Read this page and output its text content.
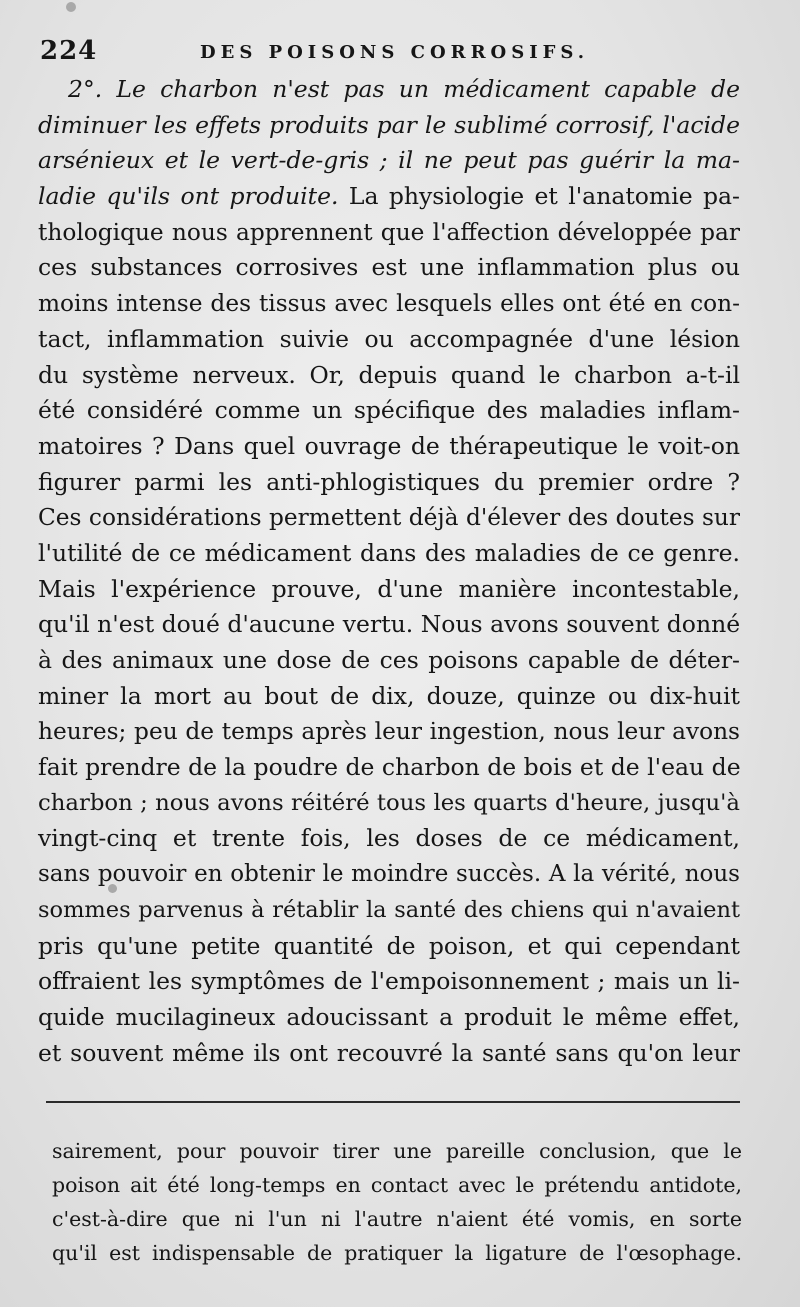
224	DES POISONS CORROSIFS.
2°. Le charbon n'est pas un médicament capable de
diminuer les effets produits par le sublimé corrosif, l'acide
arsénieux et le vert-de-gris ; il ne peut pas guérir la ma-
ladie qu'ils ont produite. La physiologie et l'anatomie pa-
thologique nous apprennent que l'affection développée par
ces substances corrosives est une inflammation plus ou
moins intense des tissus avec lesquels elles ont été en con-
tact, inflammation suivie ou accompagnée d'une lésion
du système nerveux. Or, depuis quand le charbon a-t-il
été considéré comme un spécifique des maladies inflam-
matoires ? Dans quel ouvrage de thérapeutique le voit-on
figurer parmi les anti-phlogistiques du premier ordre ?
Ces considérations permettent déjà d'élever des doutes sur
l'utilité de ce médicament dans des maladies de ce genre.
Mais l'expérience prouve, d'une manière incontestable,
qu'il n'est doué d'aucune vertu. Nous avons souvent donné
à des animaux une dose de ces poisons capable de déter-
miner la mort au bout de dix, douze, quinze ou dix-huit
heures; peu de temps après leur ingestion, nous leur avons
fait prendre de la poudre de charbon de bois et de l'eau de
charbon ; nous avons réitéré tous les quarts d'heure, jusqu'à
vingt-cinq et trente fois, les doses de ce médicament,
sans pouvoir en obtenir le moindre succès. A la vérité, nous
sommes parvenus à rétablir la santé des chiens qui n'avaient
pris qu'une petite quantité de poison, et qui cependant
offraient les symptômes de l'empoisonnement ; mais un li-
quide mucilagineux adoucissant a produit le même effet,
et souvent même ils ont recouvré la santé sans qu'on leur
sairement, pour pouvoir tirer une pareille conclusion, que le
poison ait été long-temps en contact avec le prétendu antidote,
c'est-à-dire que ni l'un ni l'autre n'aient été vomis, en sorte
qu'il est indispensable de pratiquer la ligature de l'œsophage.
